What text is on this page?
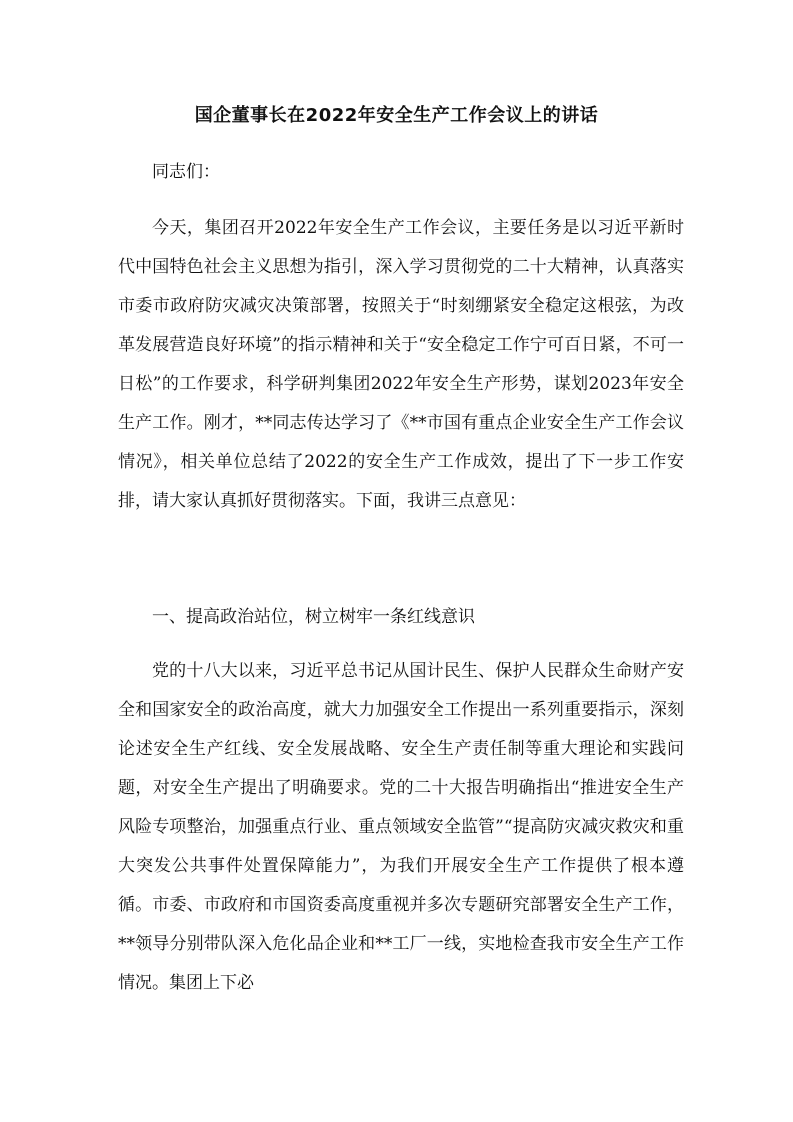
国企董事长在2022年安全生产工作会议上的讲话

同志们：

今天，集团召开2022年安全生产工作会议，主要任务是以习近平新时代中国特色社会主义思想为指引，深入学习贯彻党的二十大精神，认真落实市委市政府防灾减灾决策部署，按照关于“时刻绷紧安全稳定这根弦，为改革发展营造良好环境”的指示精神和关于“安全稳定工作宁可百日紧，不可一日松”的工作要求，科学研判集团2022年安全生产形势，谋划2023年安全生产工作。刚才，**同志传达学习了《**市国有重点企业安全生产工作会议情况》，相关单位总结了2022的安全生产工作成效，提出了下一步工作安排，请大家认真抓好贯彻落实。下面，我讲三点意见：

一、提高政治站位，树立树牢一条红线意识

党的十八大以来，习近平总书记从国计民生、保护人民群众生命财产安全和国家安全的政治高度，就大力加强安全工作提出一系列重要指示，深刻论述安全生产红线、安全发展战略、安全生产责任制等重大理论和实践问题，对安全生产提出了明确要求。党的二十大报告明确指出“推进安全生产风险专项整治，加强重点行业、重点领域安全监管”“提高防灾减灾救灾和重大突发公共事件处置保障能力”，为我们开展安全生产工作提供了根本遵循。市委、市政府和市国资委高度重视并多次专题研究部署安全生产工作，**领导分别带队深入危化品企业和**工厂一线，实地检查我市安全生产工作情况。集团上下必
